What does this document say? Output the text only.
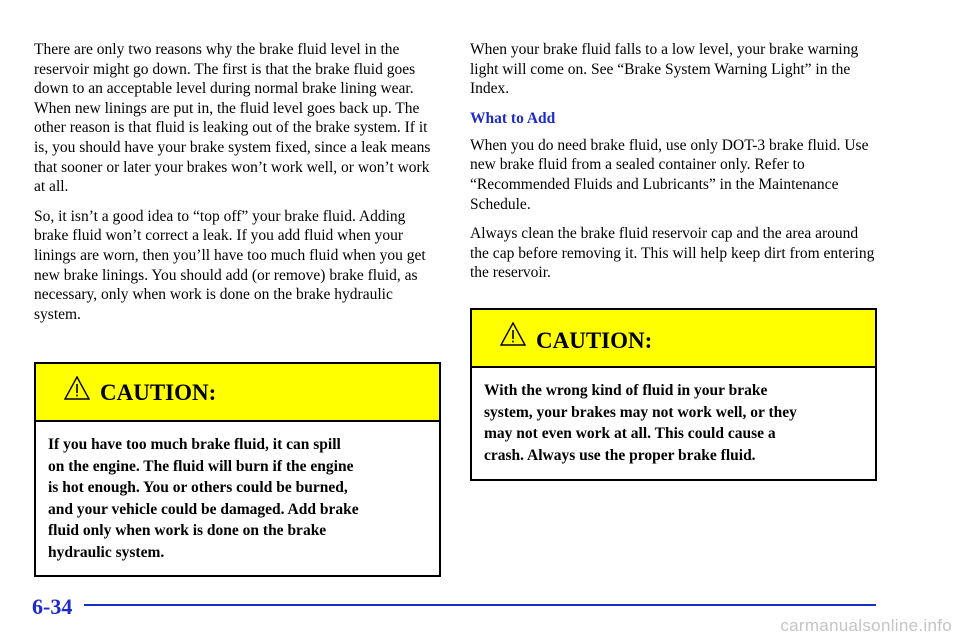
There are only two reasons why the brake fluid level in the reservoir might go down. The first is that the brake fluid goes down to an acceptable level during normal brake lining wear. When new linings are put in, the fluid level goes back up. The other reason is that fluid is leaking out of the brake system. If it is, you should have your brake system fixed, since a leak means that sooner or later your brakes won’t work well, or won’t work at all.

So, it isn’t a good idea to “top off” your brake fluid. Adding brake fluid won’t correct a leak. If you add fluid when your linings are worn, then you’ll have too much fluid when you get new brake linings. You should add (or remove) brake fluid, as necessary, only when work is done on the brake hydraulic system.

CAUTION:
If you have too much brake fluid, it can spill
on the engine. The fluid will burn if the engine
is hot enough. You or others could be burned,
and your vehicle could be damaged. Add brake
fluid only when work is done on the brake
hydraulic system.

When your brake fluid falls to a low level, your brake warning light will come on. See “Brake System Warning Light” in the Index.

What to Add

When you do need brake fluid, use only DOT-3 brake fluid. Use new brake fluid from a sealed container only. Refer to “Recommended Fluids and Lubricants” in the Maintenance Schedule.

Always clean the brake fluid reservoir cap and the area around the cap before removing it. This will help keep dirt from entering the reservoir.

CAUTION:
With the wrong kind of fluid in your brake
system, your brakes may not work well, or they
may not even work at all. This could cause a
crash. Always use the proper brake fluid.
6-34
carmanualsonline.info
